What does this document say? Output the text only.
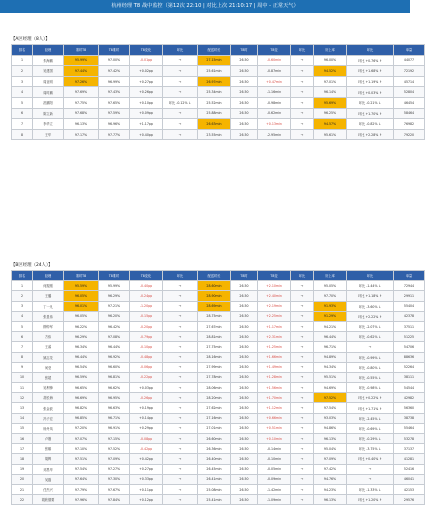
杭州经理 T8 战中监控（第12次 22:10 | 对比上次 21:10:17 | 周中 - 正常天气）
【A区经理（8人）】
排名	经理	准时T8	T8准时	T8变化	环比	配送时长	T8时	T8变	环比	好上率	环比	单量
1	朱海鹏	95.99%	97.00%	-0.01pp	→	27.15min	26.50	-0.60min	→	96.00%	环比 +0.76% ↑	44077
2	吴建国	97.44%	97.42%	+0.02pp	→	25.61min	26.50	-0.87min	→	94.52%	环比 +1.68% ↑	72192
3	周亚明	97.26%	96.99%	+0.27pp	→	26.97min	26.50	+0.47min	→	97.01%	环比 +1.19% ↑	45714
4	周时鹏	97.69%	97.43%	+0.26pp	→	25.34min	26.50	-1.16min	→	96.14%	环比 +0.03% ↑	52804
5	范鹏阳	97.75%	97.65%	+0.10pp	环比 -0.12% ↓	25.52min	26.50	-0.98min	→	95.69%	环比 -0.21% ↓	46454
6	陈立新	97.68%	97.59%	+0.09pp	→	25.88min	26.50	-0.62min	→	96.25%	环比 +1.70% ↑	58464
7	李华立	96.13%	96.96%	+1.17pp	→	26.63min	26.50	+0.13min	→	94.57%	环比 -0.82% ↓	76982
8	王华	97.17%	97.77%	+0.40pp	→	23.55min	26.50	-2.95min	→	95.61%	环比 +2.28% ↑	79220
【B区经理（24人）】
排名	经理	准时T8	T8准时	T8变化	环比	配送时长	T8时	T8变	环比	好上率	环比	单量
1	何振刚	95.59%	95.99%	-0.40pp	→	28.60min	26.50	+2.10min	→	95.05%	环比 -1.44% ↓	72944
2	王璐	96.05%	96.29%	-0.24pp	→	28.90min	26.50	+2.40min	→	97.70%	环比 +1.18% ↑	29911
3	丁一凡	96.01%	97.21%	-1.20pp	→	28.69min	26.50	+2.19min	→	91.93%	环比 -3.60% ↓	55404
4	张显伟	96.05%	96.20%	-0.15pp	→	28.75min	26.50	+2.25min	→	91.29%	环比 +2.22% ↑	42378
5	柳仲军	96.22%	96.42%	-0.20pp	→	27.67min	26.50	+1.17min	→	94.21%	环比 -2.07% ↓	37511
6	方伟	96.29%	97.08%	-0.79pp	→	28.81min	26.50	+2.31min	→	96.44%	环比 -0.62% ↓	51225
7	王睿	96.34%	96.44%	-0.10pp	→	27.75min	26.50	+1.25min	→	96.71%	→	54706
8	姚志龙	96.44%	96.92%	-0.48pp	→	28.16min	26.50	+1.66min	→	94.89%	环比 -0.99% ↓	88636
9	何莹	96.54%	96.60%	-0.06pp	→	27.99min	26.50	+1.49min	→	94.34%	环比 -0.80% ↓	52264
10	张超	96.59%	96.81%	-0.22pp	→	27.78min	26.50	+1.28min	→	95.51%	环比 -0.55% ↓	38111
11	吴利锋	96.65%	96.62%	+0.03pp	→	28.06min	26.50	+1.56min	→	94.69%	环比 -0.98% ↓	54544
12	胡长海	96.69%	96.95%	-0.26pp	→	28.20min	26.50	+1.70min	→	97.52%	环比 +0.22% ↑	42982
13	张金波	96.82%	96.63%	+0.19pp	→	27.62min	26.50	+1.12min	→	97.54%	环比 +1.71% ↑	56360
14	冯子宏	96.85%	96.71%	+0.14pp	→	27.16min	26.50	+0.66min	→	93.03%	环比 -2.45% ↓	38738
15	杨丹凤	97.20%	96.91%	+0.29pp	→	27.01min	26.50	+0.51min	→	94.86%	环比 -0.69% ↓	55464
16	卢刚	97.07%	97.15%	-0.08pp	→	26.60min	26.50	+0.10min	→	96.13%	环比 -0.29% ↓	53278
17	张娜	97.10%	97.52%	-0.42pp	→	26.36min	26.50	-0.14min	→	95.04%	环比 -3.75% ↓	37137
18	胡辉	97.51%	97.09%	+0.42pp	→	26.40min	26.50	-0.10min	→	97.09%	环比 +0.40% ↑	41281
19	邓思华	97.54%	97.27%	+0.27pp	→	26.45min	26.50	-0.05min	→	97.42%	→	52416
20	吴磊	97.64%	97.30%	+0.33pp	→	26.41min	26.50	-0.09min	→	94.76%	→	46041
21	任杰兴	97.79%	97.67%	+0.11pp	→	25.08min	26.50	-1.42min	→	94.23%	环比 -1.33% ↓	42153
22	胡欣德要	97.96%	97.84%	+0.12pp	→	25.41min	26.50	-1.09min	→	96.13%	环比 +1.20% ↑	29576
